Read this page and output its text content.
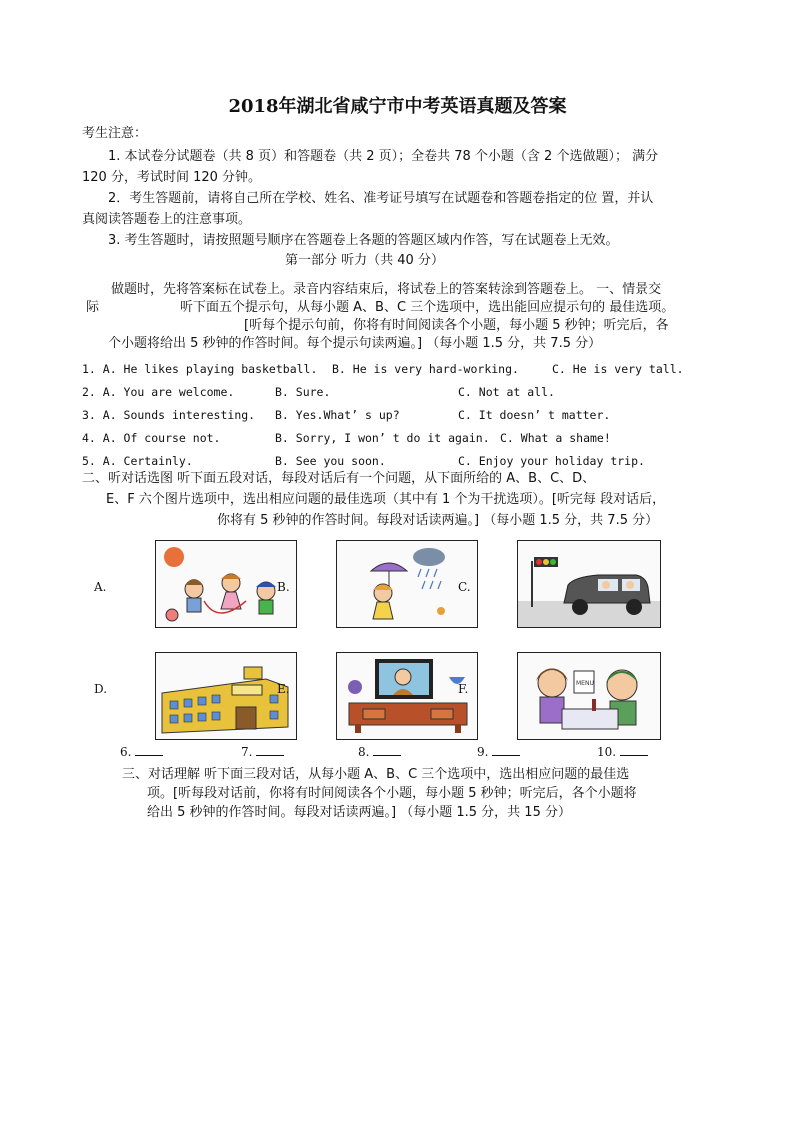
2018年湖北省咸宁市中考英语真题及答案
考生注意：
1. 本试卷分试题卷（共 8 页）和答题卷（共 2 页）；全卷共 78 个小题（含 2 个选做题）； 满分
120 分，考试时间 120 分钟。
2．考生答题前，请将自己所在学校、姓名、准考证号填写在试题卷和答题卷指定的位 置，并认
真阅读答题卷上的注意事项。
3. 考生答题时，请按照题号顺序在答题卷上各题的答题区域内作答，写在试题卷上无效。
第一部分 听力（共 40 分）
做题时，先将答案标在试卷上。录音内容结束后，将试卷上的答案转涂到答题卷上。 一、情景交
际	听下面五个提示句，从每小题 A、B、C 三个选项中，选出能回应提示句的 最佳选项。
[听每个提示句前，你将有时间阅读各个小题，每小题 5 秒钟；听完后，各
个小题将给出 5 秒钟的作答时间。每个提示句读两遍。] （每小题 1.5 分，共 7.5 分）
1. A. He likes playing basketball. B. He is very hard-working.	C. He is very tall.
2. A. You are welcome.	B. Sure.	C. Not at all.
3. A. Sounds interesting. B. Yes.What’ s up?	C. It doesn’ t matter.
4. A. Of course not.	B. Sorry, I won’ t do it again. C. What a shame!
5. A. Certainly.	B. See you soon.	C. Enjoy your holiday trip.
二、听对话选图 听下面五段对话，每段对话后有一个问题，从下面所给的 A、B、C、D、
E、F 六个图片选项中，选出相应问题的最佳选项（其中有 1 个为干扰选项）。[听完每 段对话后，
你将有 5 秒钟的作答时间。每段对话读两遍。] （每小题 1.5 分，共 7.5 分）
A.	B.	C.
D.	E.	F.	MENU
6.	7.	8.	9.	10.
三、对话理解 听下面三段对话，从每小题 A、B、C 三个选项中，选出相应问题的最佳选
项。[听每段对话前，你将有时间阅读各个小题，每小题 5 秒钟；听完后，各个小题将
给出 5 秒钟的作答时间。每段对话读两遍。] （每小题 1.5 分，共 15 分）
